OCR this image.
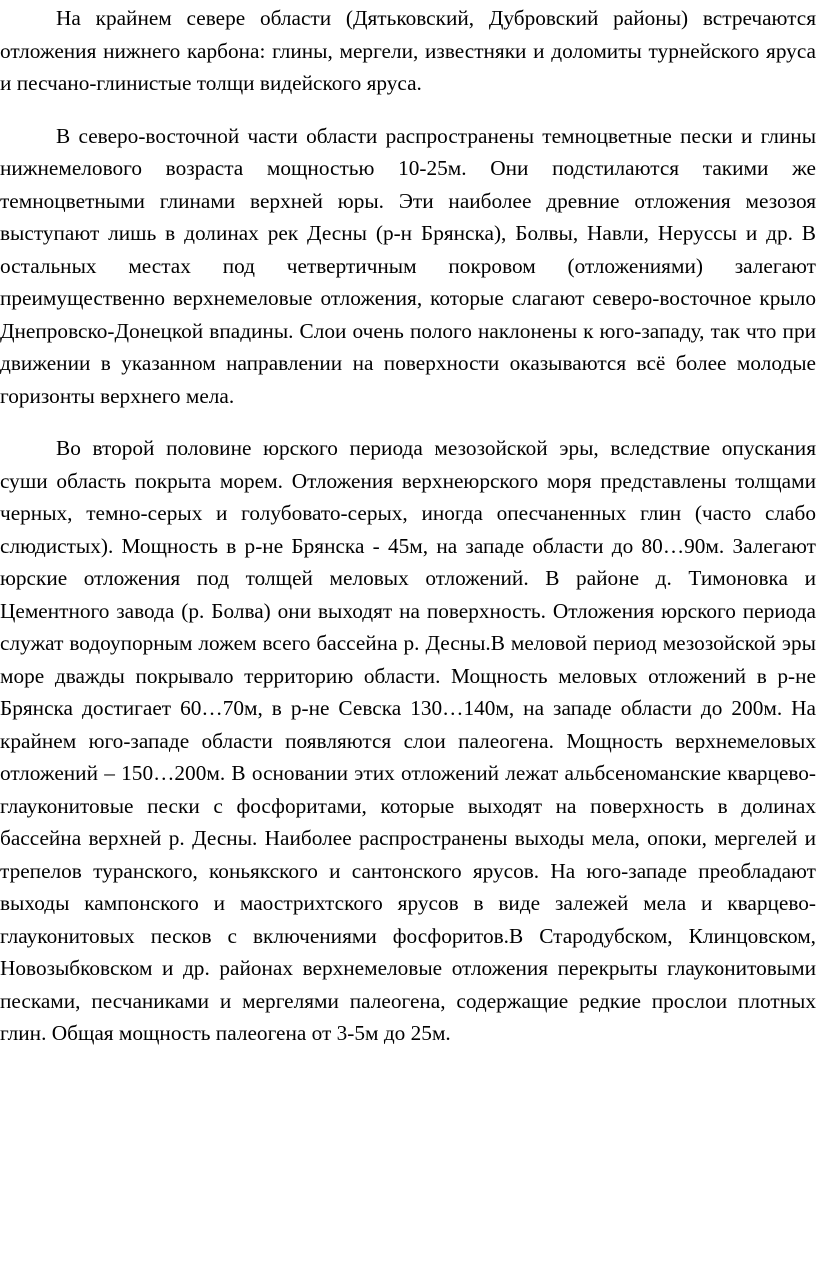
На крайнем севере области (Дятьковский, Дубровский районы) встречаются отложения нижнего карбона: глины, мергели, известняки и доломиты турнейского яруса и песчано-глинистые толщи видейского яруса.

В северо-восточной части области распространены темноцветные пески и глины нижнемелового возраста мощностью 10-25м. Они подстилаются такими же темноцветными глинами верхней юры. Эти наиболее древние отложения мезозоя выступают лишь в долинах рек Десны (р-н Брянска), Болвы, Навли, Неруссы и др. В остальных местах под четвертичным покровом (отложениями) залегают преимущественно верхнемеловые отложения, которые слагают северо-восточное крыло Днепровско-Донецкой впадины. Слои очень полого наклонены к юго-западу, так что при движении в указанном направлении на поверхности оказываются всё более молодые горизонты верхнего мела.

Во второй половине юрского периода мезозойской эры, вследствие опускания суши область покрыта морем. Отложения верхнеюрского моря представлены толщами черных, темно-серых и голубовато-серых, иногда опесчаненных глин (часто слабо слюдистых). Мощность в р-не Брянска - 45м, на западе области до 80…90м. Залегают юрские отложения под толщей меловых отложений. В районе д. Тимоновка и Цементного завода (р. Болва) они выходят на поверхность. Отложения юрского периода служат водоупорным ложем всего бассейна р. Десны.В меловой период мезозойской эры море дважды покрывало территорию области. Мощность меловых отложений в р-не Брянска достигает 60…70м, в р-не Севска 130…140м, на западе области до 200м. На крайнем юго-западе области появляются слои палеогена. Мощность верхнемеловых отложений – 150…200м. В основании этих отложений лежат альбсеноманские кварцево-глауконитовые пески с фосфоритами, которые выходят на поверхность в долинах бассейна верхней р. Десны. Наиболее распространены выходы мела, опоки, мергелей и трепелов туранского, коньякского и сантонского ярусов. На юго-западе преобладают выходы кампонского и маострихтского ярусов в виде залежей мела и кварцево-глауконитовых песков с включениями фосфоритов.В Стародубском, Клинцовском, Новозыбковском и др. районах верхнемеловые отложения перекрыты глауконитовыми песками, песчаниками и мергелями палеогена, содержащие редкие прослои плотных глин. Общая мощность палеогена от 3-5м до 25м.
